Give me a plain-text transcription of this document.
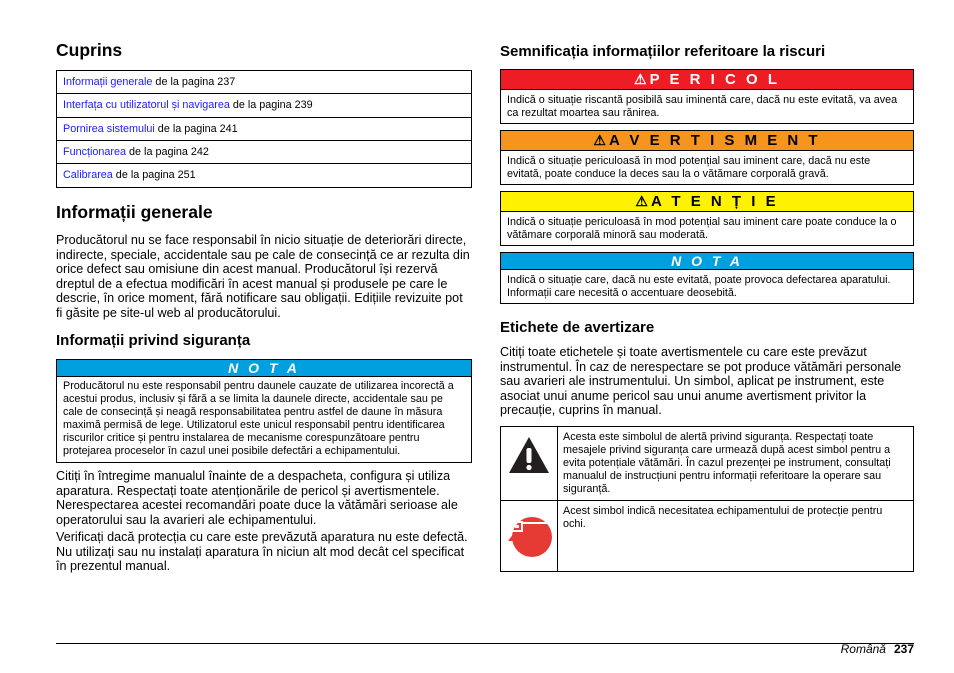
Cuprins
Informații generale de la pagina 237
Interfața cu utilizatorul și navigarea de la pagina 239
Pornirea sistemului de la pagina 241
Funcționarea de la pagina 242
Calibrarea de la pagina 251
Informații generale

Producătorul nu se face responsabil în nicio situație de deteriorări directe, indirecte, speciale, accidentale sau pe cale de consecință ce ar rezulta din orice defect sau omisiune din acest manual. Producătorul își rezervă dreptul de a efectua modificări în acest manual și produsele pe care le descrie, în orice moment, fără notificare sau obligații. Edițiile revizuite pot fi găsite pe site-ul web al producătorului.

Informații privind siguranța
N O T A
Producătorul nu este responsabil pentru daunele cauzate de utilizarea incorectă a acestui produs, inclusiv și fără a se limita la daunele directe, accidentale sau pe cale de consecință și neagă responsabilitatea pentru astfel de daune în măsura maximă permisă de lege. Utilizatorul este unicul responsabil pentru identificarea riscurilor critice și pentru instalarea de mecanisme corespunzătoare pentru protejarea proceselor în cazul unei posibile defectări a echipamentului.

Citiți în întregime manualul înainte de a despacheta, configura și utiliza aparatura. Respectați toate atenționările de pericol și avertismentele. Nerespectarea acestei recomandări poate duce la vătămări serioase ale operatorului sau la avarieri ale echipamentului.

Verificați dacă protecția cu care este prevăzută aparatura nu este defectă. Nu utilizați sau nu instalați aparatura în niciun alt mod decât cel specificat în prezentul manual.

Semnificația informațiilor referitoare la riscuri
⚠ P E R I C O L
Indică o situație riscantă posibilă sau iminentă care, dacă nu este evitată, va avea ca rezultat moartea sau rănirea.
⚠ A V E R T I S M E N T
Indică o situație periculoasă în mod potențial sau iminent care, dacă nu este evitată, poate conduce la deces sau la o vătămare corporală gravă.
⚠ A T E N Ț I E
Indică o situație periculoasă în mod potențial sau iminent care poate conduce la o vătămare corporală minoră sau moderată.
N O T A
Indică o situație care, dacă nu este evitată, poate provoca defectarea aparatului. Informații care necesită o accentuare deosebită.
Etichete de avertizare

Citiți toate etichetele și toate avertismentele cu care este prevăzut instrumentul. În caz de nerespectare se pot produce vătămări personale sau avarieri ale instrumentului. Un simbol, aplicat pe instrument, este asociat unui anume pericol sau unui anume avertisment privitor la precauție, cuprins în manual.

Acesta este simbolul de alertă privind siguranța. Respectați toate mesajele privind siguranța care urmează după acest simbol pentru a evita potențiale vătămări. În cazul prezenței pe instrument, consultați manualul de instrucțiuni pentru informații referitoare la operare sau siguranță.
Acest simbol indică necesitatea echipamentului de protecție pentru ochi.
Română 237
